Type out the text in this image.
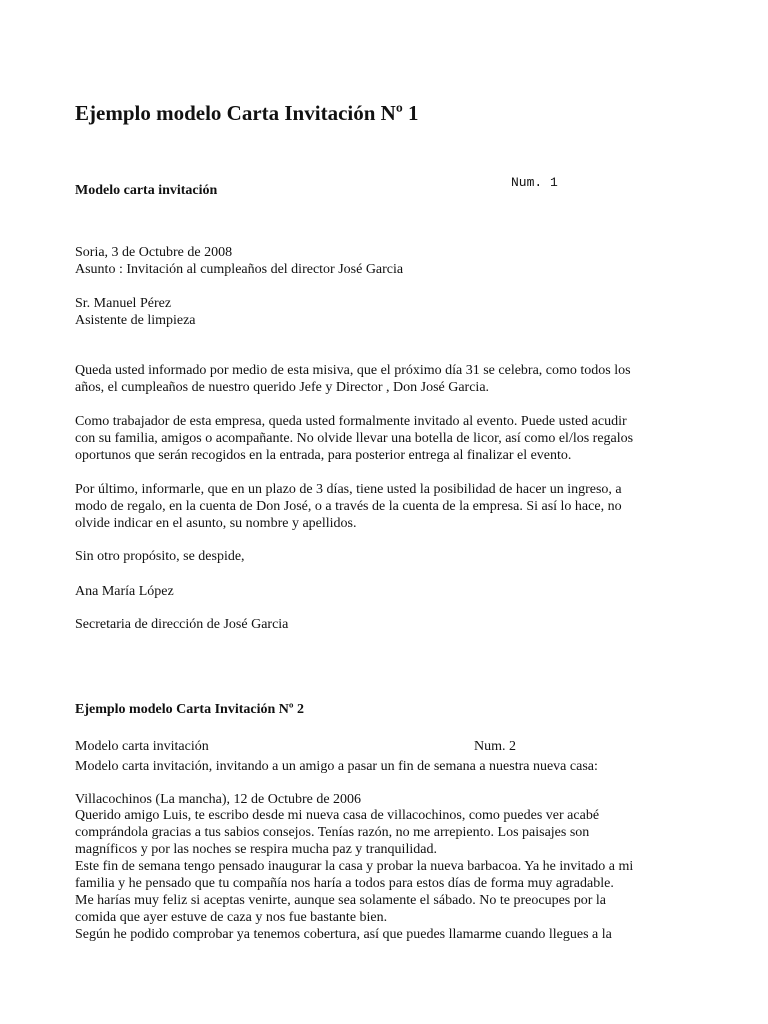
Ejemplo modelo Carta Invitación Nº 1
Modelo carta invitación
Num. 1
Soria, 3 de Octubre de 2008
Asunto : Invitación al cumpleaños del director José Garcia
Sr. Manuel Pérez
Asistente de limpieza
Queda usted informado por medio de esta misiva, que el próximo día 31 se celebra, como todos los
años, el cumpleaños de nuestro querido Jefe y Director , Don José Garcia.
Como trabajador de esta empresa, queda usted formalmente invitado al evento. Puede usted acudir
con su familia, amigos o acompañante. No olvide llevar una botella de licor, así como el/los regalos
oportunos que serán recogidos en la entrada, para posterior entrega al finalizar el evento.
Por último, informarle, que en un plazo de 3 días, tiene usted la posibilidad de hacer un ingreso, a
modo de regalo, en la cuenta de Don José, o a través de la cuenta de la empresa. Si así lo hace, no
olvide indicar en el asunto, su nombre y apellidos.
Sin otro propósito, se despide,
Ana María López
Secretaria de dirección de José Garcia
Ejemplo modelo Carta Invitación Nº 2
Modelo carta invitación	Num. 2
Modelo carta invitación, invitando a un amigo a pasar un fin de semana a nuestra nueva casa:
Villacochinos (La mancha), 12 de Octubre de 2006
Querido amigo Luis, te escribo desde mi nueva casa de villacochinos, como puedes ver acabé
comprándola gracias a tus sabios consejos. Tenías razón, no me arrepiento. Los paisajes son
magníficos y por las noches se respira mucha paz y tranquilidad.
Este fin de semana tengo pensado inaugurar la casa y probar la nueva barbacoa. Ya he invitado a mi
familia y he pensado que tu compañía nos haría a todos para estos días de forma muy agradable.
Me harías muy feliz si aceptas venirte, aunque sea solamente el sábado. No te preocupes por la
comida que ayer estuve de caza y nos fue bastante bien.
Según he podido comprobar ya tenemos cobertura, así que puedes llamarme cuando llegues a la
